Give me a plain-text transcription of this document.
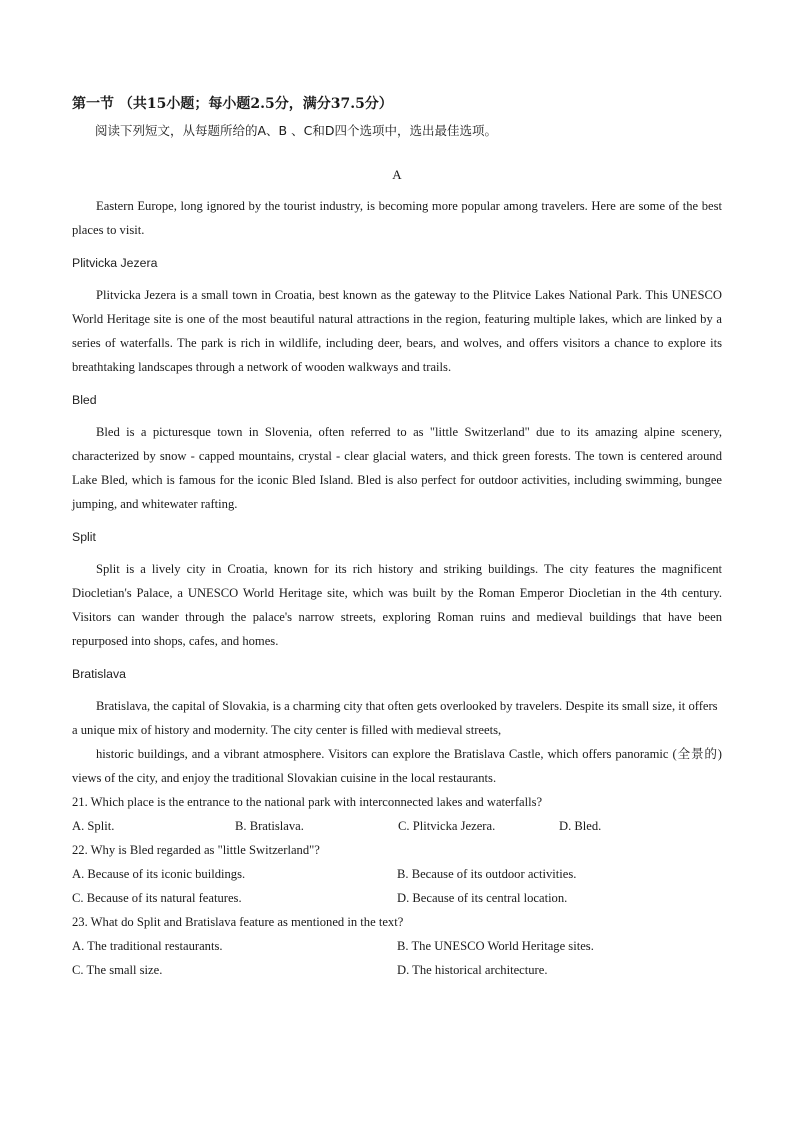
第一节 （共15小题；每小题2.5分，满分37.5分）
阅读下列短文，从每题所给的A、B 、C和D四个选项中，选出最佳选项。
A

Eastern Europe, long ignored by the tourist industry, is becoming more popular among travelers. Here are some of the best places to visit.

Plitvicka Jezera

Plitvicka Jezera is a small town in Croatia, best known as the gateway to the Plitvice Lakes National Park. This UNESCO World Heritage site is one of the most beautiful natural attractions in the region, featuring multiple lakes, which are linked by a series of waterfalls. The park is rich in wildlife, including deer, bears, and wolves, and offers visitors a chance to explore its breathtaking landscapes through a network of wooden walkways and trails.

Bled

Bled is a picturesque town in Slovenia, often referred to as "little Switzerland" due to its amazing alpine scenery, characterized by snow - capped mountains, crystal - clear glacial waters, and thick green forests. The town is centered around Lake Bled, which is famous for the iconic Bled Island. Bled is also perfect for outdoor activities, including swimming, bungee jumping, and whitewater rafting.

Split

Split is a lively city in Croatia, known for its rich history and striking buildings. The city features the magnificent Diocletian's Palace, a UNESCO World Heritage site, which was built by the Roman Emperor Diocletian in the 4th century. Visitors can wander through the palace's narrow streets, exploring Roman ruins and medieval buildings that have been repurposed into shops, cafes, and homes.

Bratislava

Bratislava, the capital of Slovakia, is a charming city that often gets overlooked by travelers. Despite its small size, it offers a unique mix of history and modernity. The city center is filled with medieval streets,

historic buildings, and a vibrant atmosphere. Visitors can explore the Bratislava Castle, which offers panoramic (全景的) views of the city, and enjoy the traditional Slovakian cuisine in the local restaurants.

21. Which place is the entrance to the national park with interconnected lakes and waterfalls?

A. Split.	B. Bratislava.	C. Plitvicka Jezera.	D. Bled.

22. Why is Bled regarded as "little Switzerland"?

A. Because of its iconic buildings.	B. Because of its outdoor activities.
C. Because of its natural features.	D. Because of its central location.

23. What do Split and Bratislava feature as mentioned in the text?

A. The traditional restaurants.	B. The UNESCO World Heritage sites.
C. The small size.	D. The historical architecture.
